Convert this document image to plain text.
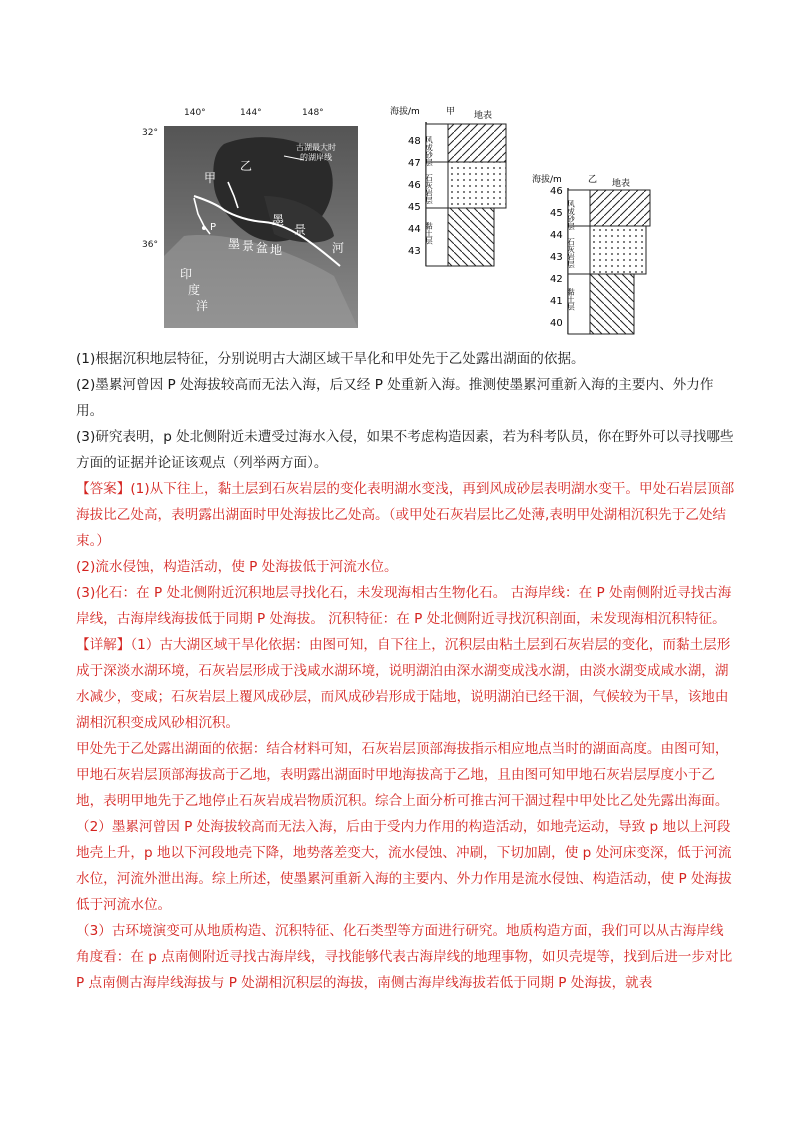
140°	144°	148°
32°
36°
甲
乙
P
古湖最大时
的湖岸线
墨
景
河
墨 景 盆 地
印
度
洋
海拔/m	甲 地表
风成砂层
石灰岩层
黏土层
48
47
46
45
44
43
海拔/m	乙 地表
风成砂层
石灰岩层
黏土层
46
45
44
43
42
41
40

(1)根据沉积地层特征，分别说明古大湖区域干旱化和甲处先于乙处露出湖面的依据。

(2)墨累河曾因 P 处海拔较高而无法入海，后又经 P 处重新入海。推测使墨累河重新入海的主要内、外力作用。

(3)研究表明，p 处北侧附近未遭受过海水入侵，如果不考虑构造因素，若为科考队员，你在野外可以寻找哪些方面的证据并论证该观点（列举两方面）。

【答案】(1)从下往上，黏土层到石灰岩层的变化表明湖水变浅，再到风成砂层表明湖水变干。甲处石岩层顶部海拔比乙处高，表明露出湖面时甲处海拔比乙处高。（或甲处石灰岩层比乙处薄,表明甲处湖相沉积先于乙处结束。）

(2)流水侵蚀，构造活动，使 P 处海拔低于河流水位。

(3)化石：在 P 处北侧附近沉积地层寻找化石，未发现海相古生物化石。 古海岸线：在 P 处南侧附近寻找古海岸线，古海岸线海拔低于同期 P 处海拔。 沉积特征：在 P 处北侧附近寻找沉积剖面，未发现海相沉积特征。

【详解】（1）古大湖区域干旱化依据：由图可知，自下往上，沉积层由粘土层到石灰岩层的变化，而黏土层形成于深淡水湖环境，石灰岩层形成于浅咸水湖环境，说明湖泊由深水湖变成浅水湖，由淡水湖变成咸水湖，湖水减少，变咸；石灰岩层上覆风成砂层，而风成砂岩形成于陆地，说明湖泊已经干涸，气候较为干旱，该地由湖相沉积变成风砂相沉积。

甲处先于乙处露出湖面的依据：结合材料可知，石灰岩层顶部海拔指示相应地点当时的湖面高度。由图可知，甲地石灰岩层顶部海拔高于乙地，表明露出湖面时甲地海拔高于乙地，且由图可知甲地石灰岩层厚度小于乙地，表明甲地先于乙地停止石灰岩成岩物质沉积。综合上面分析可推古河干涸过程中甲处比乙处先露出海面。

（2）墨累河曾因 P 处海拔较高而无法入海，后由于受内力作用的构造活动，如地壳运动，导致 p 地以上河段地壳上升，p 地以下河段地壳下降，地势落差变大，流水侵蚀、冲刷，下切加剧，使 p 处河床变深，低于河流水位，河流外泄出海。综上所述，使墨累河重新入海的主要内、外力作用是流水侵蚀、构造活动，使 P 处海拔低于河流水位。

（3）古环境演变可从地质构造、沉积特征、化石类型等方面进行研究。地质构造方面，我们可以从古海岸线角度看：在 p 点南侧附近寻找古海岸线，寻找能够代表古海岸线的地理事物，如贝壳堤等，找到后进一步对比 P 点南侧古海岸线海拔与 P 处湖相沉积层的海拔，南侧古海岸线海拔若低于同期 P 处海拔，就表
